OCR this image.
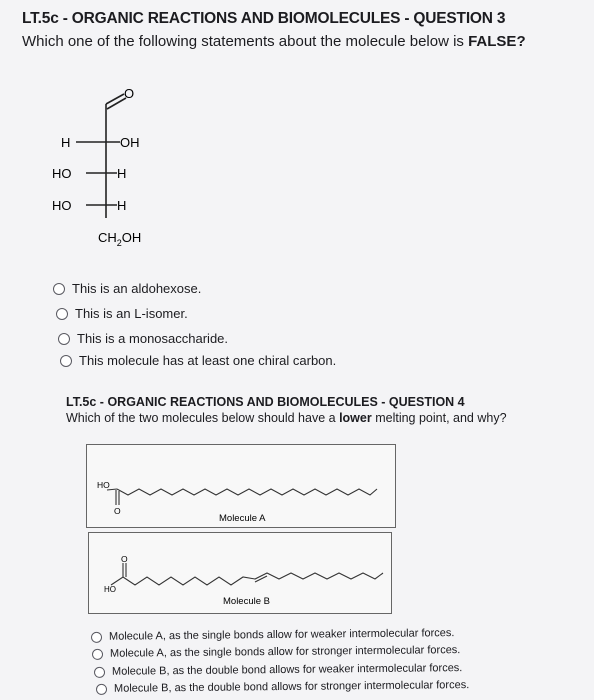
LT.5c - ORGANIC REACTIONS AND BIOMOLECULES - QUESTION 3
Which one of the following statements about the molecule below is FALSE?
O
H	OH
HO	H
HO	H
$CH_2OH$
This is an aldohexose.
This is an L-isomer.
This is a monosaccharide.
This molecule has at least one chiral carbon.
LT.5c - ORGANIC REACTIONS AND BIOMOLECULES - QUESTION 4
Which of the two molecules below should have a lower melting point, and why?
HO
O
Molecule A
HO
O
Molecule B
Molecule A, as the single bonds allow for weaker intermolecular forces.
Molecule A, as the single bonds allow for stronger intermolecular forces.
Molecule B, as the double bond allows for weaker intermolecular forces.
Molecule B, as the double bond allows for stronger intermolecular forces.
